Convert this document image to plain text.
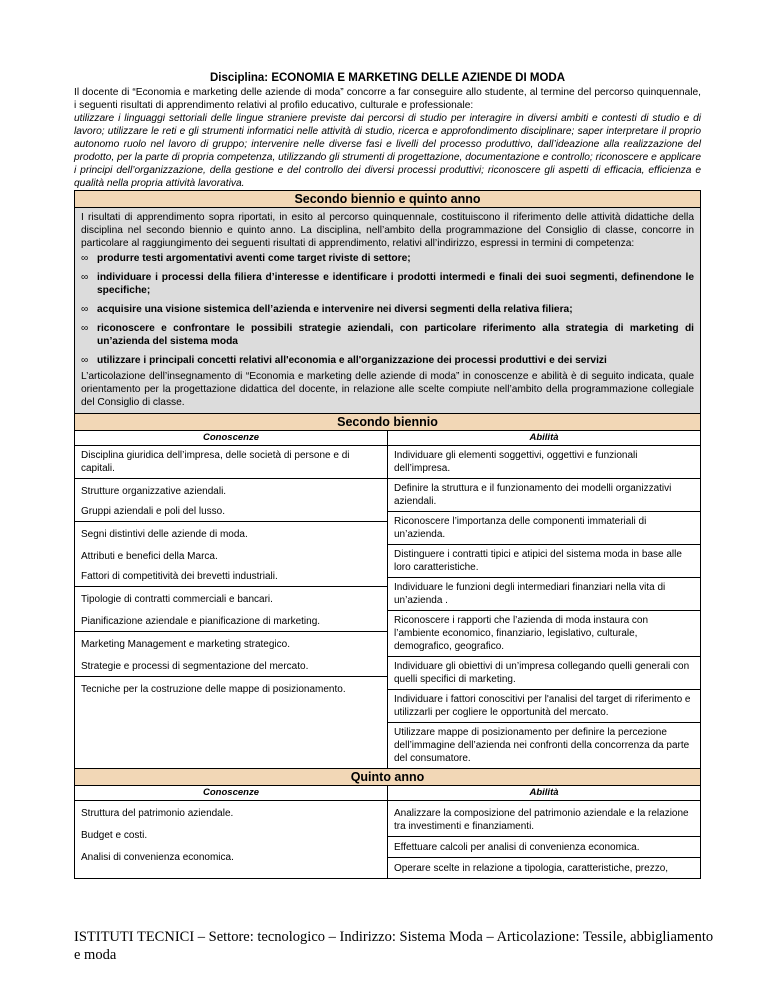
Disciplina: ECONOMIA E MARKETING DELLE AZIENDE DI MODA

Il docente di “Economia e marketing delle aziende di moda” concorre a far conseguire allo studente, al termine del percorso quinquennale, i seguenti risultati di apprendimento relativi al profilo educativo, culturale e professionale:

utilizzare i linguaggi settoriali delle lingue straniere previste dai percorsi di studio per interagire in diversi ambiti e contesti di studio e di lavoro; utilizzare le reti e gli strumenti informatici nelle attività di studio, ricerca e approfondimento disciplinare; saper interpretare il proprio autonomo ruolo nel lavoro di gruppo; intervenire nelle diverse fasi e livelli del processo produttivo, dall’ideazione alla realizzazione del prodotto, per la parte di propria competenza, utilizzando gli strumenti di progettazione, documentazione e controllo; riconoscere e applicare i principi dell’organizzazione, della gestione e del controllo dei diversi processi produttivi; riconoscere gli aspetti di efficacia, efficienza e qualità nella propria attività lavorativa.

Secondo biennio e quinto anno

I risultati di apprendimento sopra riportati, in esito al percorso quinquennale, costituiscono il riferimento delle attività didattiche della disciplina nel secondo biennio e quinto anno. La disciplina, nell’ambito della programmazione del Consiglio di classe, concorre in particolare al raggiungimento dei seguenti risultati di apprendimento, relativi all’indirizzo, espressi in termini di competenza:

∞ produrre testi argomentativi aventi come target riviste di settore;
∞ individuare i processi della filiera d’interesse e identificare i prodotti intermedi e finali dei suoi segmenti, definendone le specifiche;
∞ acquisire una visione sistemica dell’azienda e intervenire nei diversi segmenti della relativa filiera;
∞ riconoscere e confrontare le possibili strategie aziendali, con particolare riferimento alla strategia di marketing di un’azienda del sistema moda
∞ utilizzare i principali concetti relativi all'economia e all'organizzazione dei processi produttivi e dei servizi

L’articolazione dell’insegnamento di “Economia e marketing delle aziende di moda” in conoscenze e abilità è di seguito indicata, quale orientamento per la progettazione didattica del docente, in relazione alle scelte compiute nell’ambito della programmazione collegiale del Consiglio di classe.

Secondo biennio
Conoscenze
Disciplina giuridica dell’impresa, delle società di persone e di capitali.
Strutture organizzative aziendali.
Gruppi aziendali e poli del lusso.
Segni distintivi delle aziende di moda.
Attributi e benefici della Marca.
Fattori di competitività dei brevetti industriali.
Tipologie di contratti commerciali e bancari.
Pianificazione aziendale e pianificazione di marketing.
Marketing Management e marketing strategico.
Strategie e processi di segmentazione del mercato.
Tecniche per la costruzione delle mappe di posizionamento.
Abilità
Individuare gli elementi soggettivi, oggettivi e funzionali dell’impresa.
Definire la struttura e il funzionamento dei modelli organizzativi aziendali.
Riconoscere l’importanza delle componenti immateriali di un’azienda.
Distinguere i contratti tipici e atipici del sistema moda in base alle loro caratteristiche.
Individuare le funzioni degli intermediari finanziari nella vita di un’azienda .
Riconoscere i rapporti che l’azienda di moda instaura con l’ambiente economico, finanziario, legislativo, culturale, demografico, geografico.
Individuare gli obiettivi di un’impresa collegando quelli generali con quelli specifici di marketing.
Individuare i fattori conoscitivi per l'analisi del target di riferimento e utilizzarli per cogliere le opportunità del mercato.
Utilizzare mappe di posizionamento per definire la percezione dell’immagine dell’azienda nei confronti della concorrenza da parte del consumatore.
Quinto anno
Conoscenze
Struttura del patrimonio aziendale.
Budget e costi.
Analisi di convenienza economica.
Abilità
Analizzare la composizione del patrimonio aziendale e la relazione tra investimenti e finanziamenti.
Effettuare calcoli per analisi di convenienza economica.
Operare scelte in relazione a tipologia, caratteristiche, prezzo,
ISTITUTI TECNICI – Settore: tecnologico – Indirizzo: Sistema Moda – Articolazione: Tessile, abbigliamento e moda
